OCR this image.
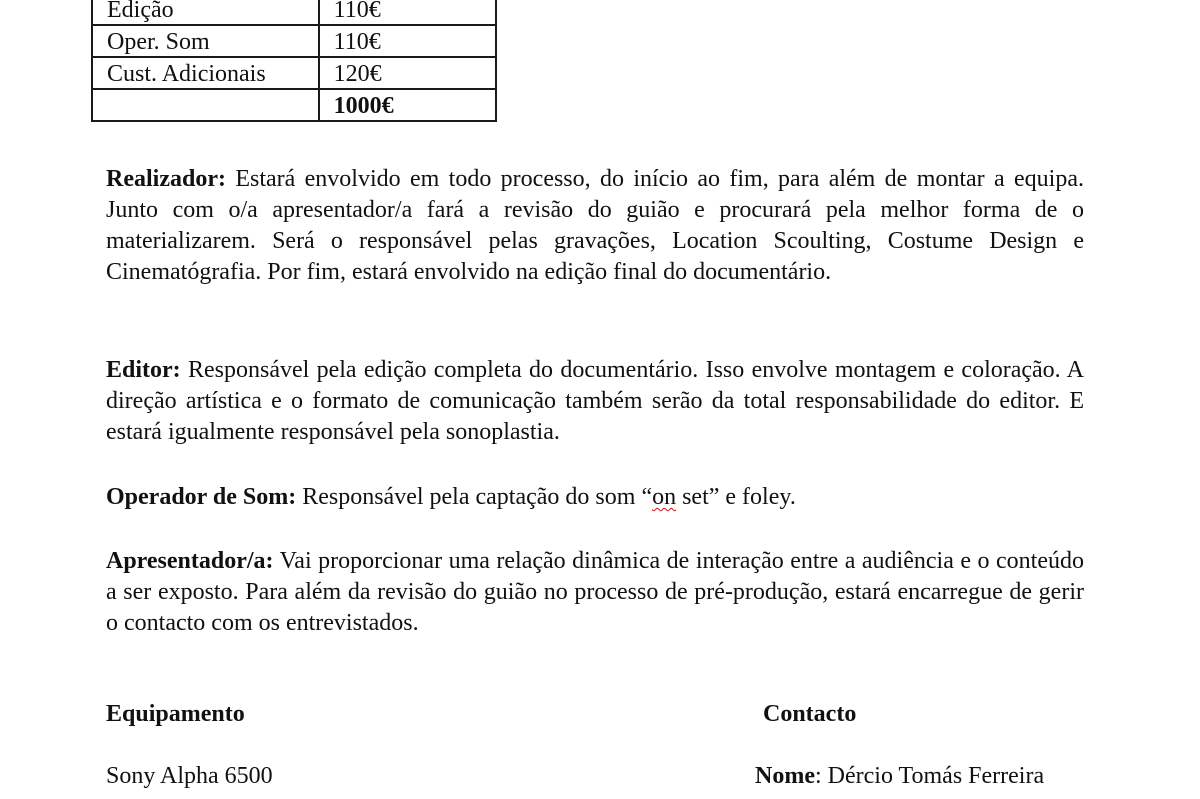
Edição	110€
Oper. Som	110€
Cust. Adicionais	120€
	1000€

Realizador: Estará envolvido em todo processo, do início ao fim, para além de montar a equipa. Junto com o/a apresentador/a fará a revisão do guião e procurará pela melhor forma de o materializarem. Será o responsável pelas gravações, Location Scoulting, Costume Design e Cinematógrafia. Por fim, estará envolvido na edição final do documentário.

Editor: Responsável pela edição completa do documentário. Isso envolve montagem e coloração. A direção artística e o formato de comunicação também serão da total responsabilidade do editor. E estará igualmente responsável pela sonoplastia.

Operador de Som: Responsável pela captação do som “on set” e foley.

Apresentador/a: Vai proporcionar uma relação dinâmica de interação entre a audiência e o conteúdo a ser exposto. Para além da revisão do guião no processo de pré-produção, estará encarregue de gerir o contacto com os entrevistados.

Equipamento	Contacto
Sony Alpha 6500	Nome: Dércio Tomás Ferreira
